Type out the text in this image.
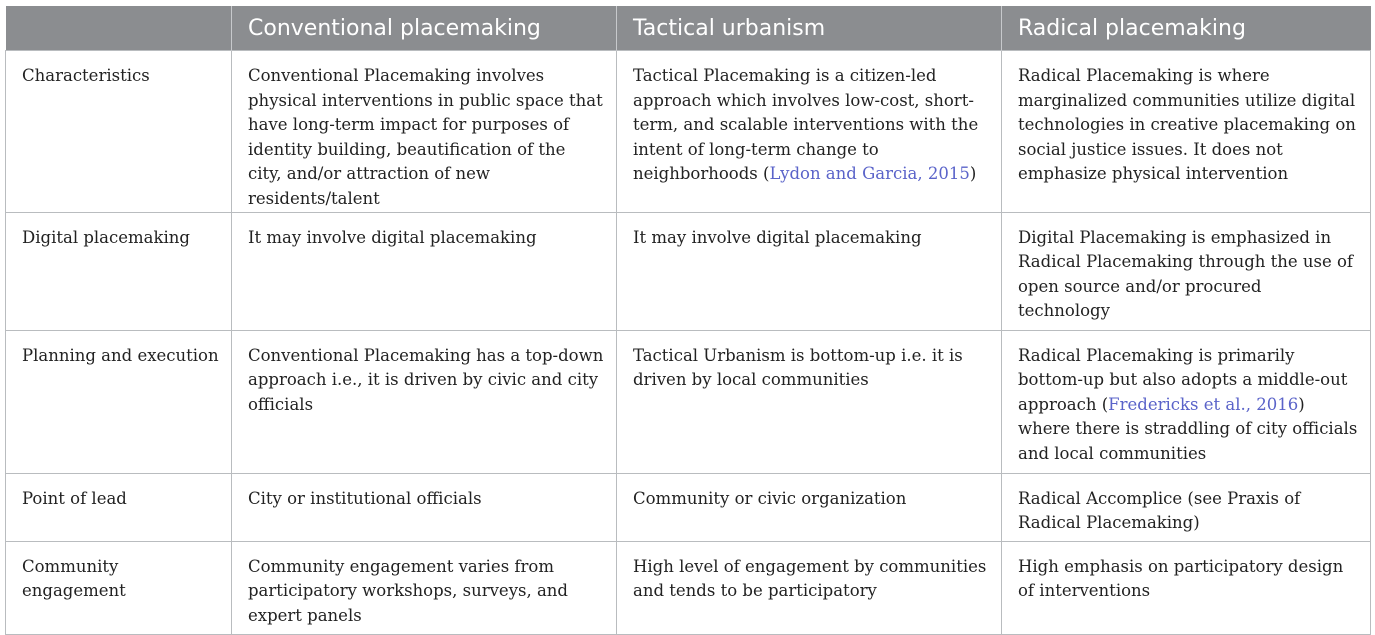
	Conventional placemaking	Tactical urbanism	Radical placemaking
Characteristics	Conventional Placemaking involves physical interventions in public space that have long-term impact for purposes of identity building, beautification of the city, and/or attraction of new residents/talent	Tactical Placemaking is a citizen-led approach which involves low-cost, short-term, and scalable interventions with the intent of long-term change to neighborhoods (Lydon and Garcia, 2015)	Radical Placemaking is where marginalized communities utilize digital technologies in creative placemaking on social justice issues. It does not emphasize physical intervention
Digital placemaking	It may involve digital placemaking	It may involve digital placemaking	Digital Placemaking is emphasized in Radical Placemaking through the use of open source and/or procured technology
Planning and execution	Conventional Placemaking has a top-down approach i.e., it is driven by civic and city officials	Tactical Urbanism is bottom-up i.e. it is driven by local communities	Radical Placemaking is primarily bottom-up but also adopts a middle-out approach (Fredericks et al., 2016) where there is straddling of city officials and local communities
Point of lead	City or institutional officials	Community or civic organization	Radical Accomplice (see Praxis of Radical Placemaking)
Community engagement	Community engagement varies from participatory workshops, surveys, and expert panels	High level of engagement by communities and tends to be participatory	High emphasis on participatory design of interventions
